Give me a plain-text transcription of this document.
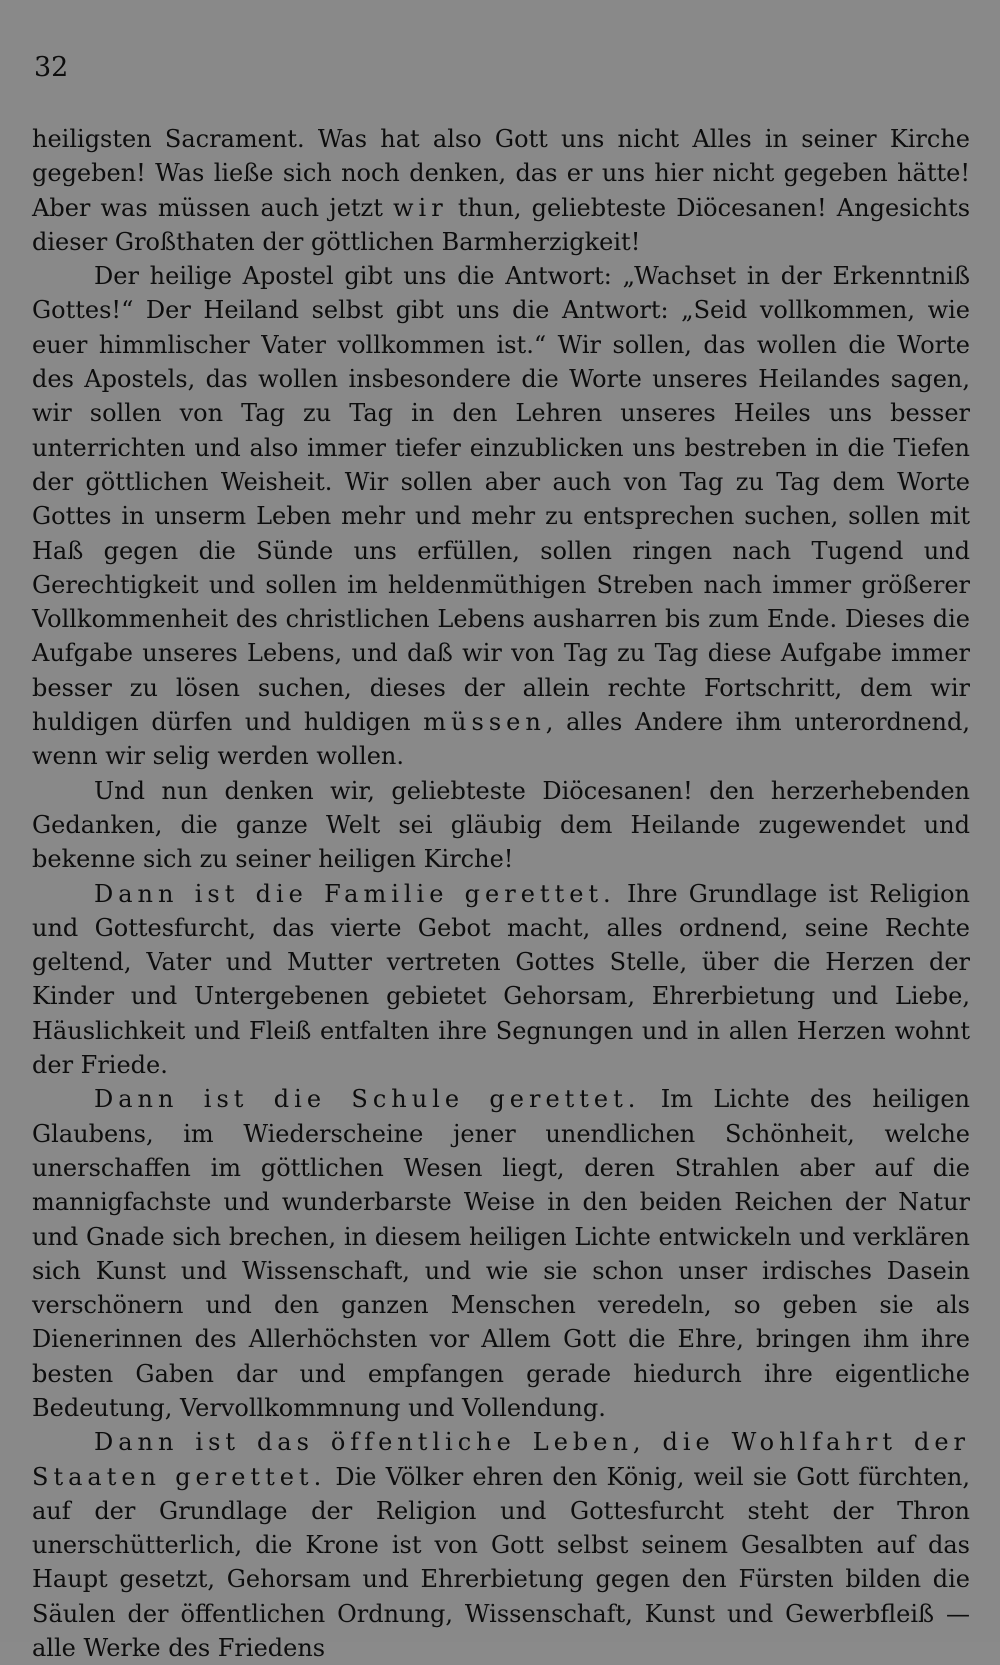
32

heiligsten Sacrament. Was hat also Gott uns nicht Alles in seiner Kirche gegeben! Was ließe sich noch denken, das er uns hier nicht gegeben hätte! Aber was müssen auch jetzt wir thun, geliebteste Diöcesanen! Angesichts dieser Großthaten der göttlichen Barmherzigkeit!

Der heilige Apostel gibt uns die Antwort: „Wachset in der Erkenntniß Gottes!“ Der Heiland selbst gibt uns die Antwort: „Seid vollkommen, wie euer himmlischer Vater vollkommen ist.“ Wir sollen, das wollen die Worte des Apostels, das wollen insbesondere die Worte unseres Heilandes sagen, wir sollen von Tag zu Tag in den Lehren unseres Heiles uns besser unterrichten und also immer tiefer einzublicken uns bestreben in die Tiefen der göttlichen Weisheit. Wir sollen aber auch von Tag zu Tag dem Worte Gottes in unserm Leben mehr und mehr zu entsprechen suchen, sollen mit Haß gegen die Sünde uns erfüllen, sollen ringen nach Tugend und Gerechtigkeit und sollen im heldenmüthigen Streben nach immer größerer Vollkommenheit des christlichen Lebens ausharren bis zum Ende. Dieses die Aufgabe unseres Lebens, und daß wir von Tag zu Tag diese Aufgabe immer besser zu lösen suchen, dieses der allein rechte Fortschritt, dem wir huldigen dürfen und huldigen müssen, alles Andere ihm unterordnend, wenn wir selig werden wollen.

Und nun denken wir, geliebteste Diöcesanen! den herzerhebenden Gedanken, die ganze Welt sei gläubig dem Heilande zugewendet und bekenne sich zu seiner heiligen Kirche!

Dann ist die Familie gerettet. Ihre Grundlage ist Religion und Gottesfurcht, das vierte Gebot macht, alles ordnend, seine Rechte geltend, Vater und Mutter vertreten Gottes Stelle, über die Herzen der Kinder und Untergebenen gebietet Gehorsam, Ehrerbietung und Liebe, Häuslichkeit und Fleiß entfalten ihre Segnungen und in allen Herzen wohnt der Friede.

Dann ist die Schule gerettet. Im Lichte des heiligen Glaubens, im Wiederscheine jener unendlichen Schönheit, welche unerschaffen im göttlichen Wesen liegt, deren Strahlen aber auf die mannigfachste und wunderbarste Weise in den beiden Reichen der Natur und Gnade sich brechen, in diesem heiligen Lichte entwickeln und verklären sich Kunst und Wissenschaft, und wie sie schon unser irdisches Dasein verschönern und den ganzen Menschen veredeln, so geben sie als Dienerinnen des Allerhöchsten vor Allem Gott die Ehre, bringen ihm ihre besten Gaben dar und empfangen gerade hiedurch ihre eigentliche Bedeutung, Vervollkommnung und Vollendung.

Dann ist das öffentliche Leben, die Wohlfahrt der Staaten gerettet. Die Völker ehren den König, weil sie Gott fürchten, auf der Grundlage der Religion und Gottesfurcht steht der Thron unerschütterlich, die Krone ist von Gott selbst seinem Gesalbten auf das Haupt gesetzt, Gehorsam und Ehrerbietung gegen den Fürsten bilden die Säulen der öffentlichen Ordnung, Wissenschaft, Kunst und Gewerbfleiß — alle Werke des Friedens
